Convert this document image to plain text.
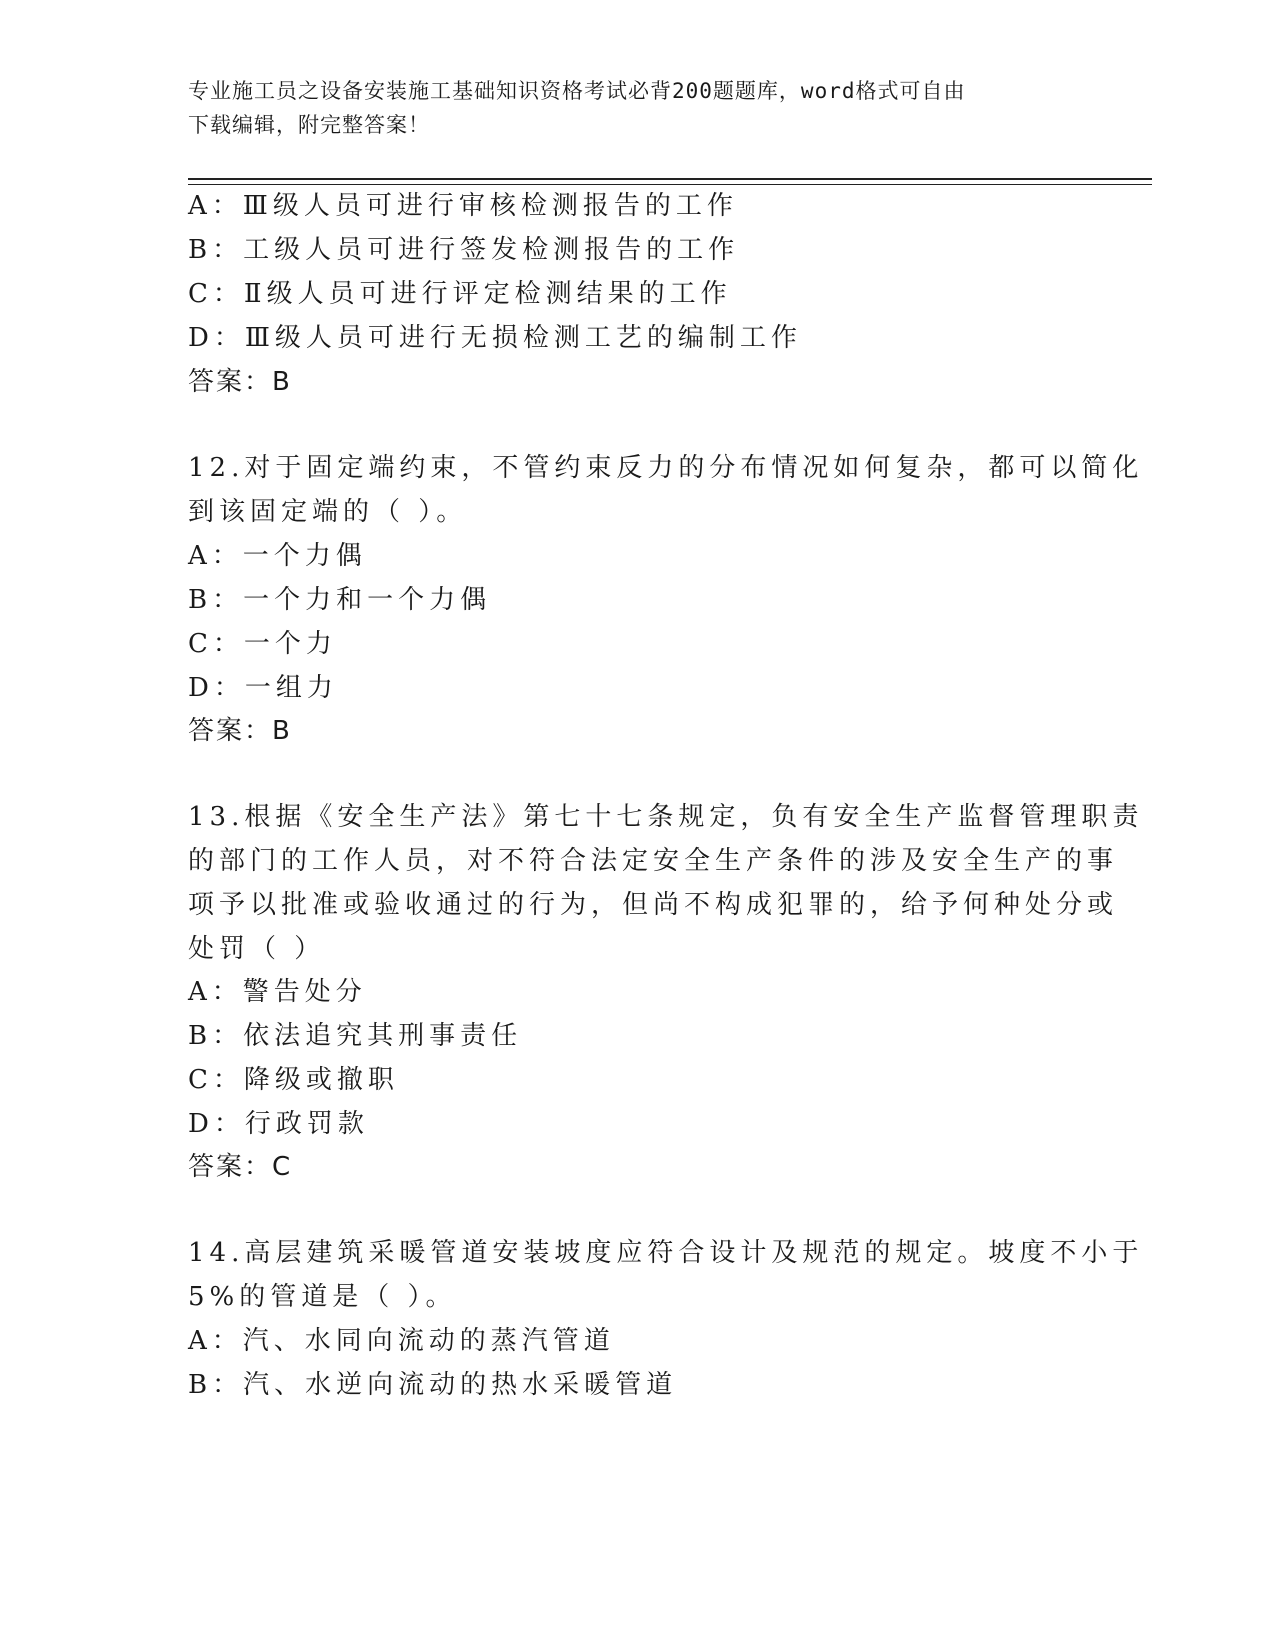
专业施工员之设备安装施工基础知识资格考试必背200题题库，word格式可自由
下载编辑，附完整答案！
A：Ⅲ级人员可进行审核检测报告的工作
B：工级人员可进行签发检测报告的工作
C：Ⅱ级人员可进行评定检测结果的工作
D：Ⅲ级人员可进行无损检测工艺的编制工作
答案：B
12.对于固定端约束，不管约束反力的分布情况如何复杂，都可以简化
到该固定端的（ ）。
A：一个力偶
B：一个力和一个力偶
C：一个力
D：一组力
答案：B
13.根据《安全生产法》第七十七条规定，负有安全生产监督管理职责
的部门的工作人员，对不符合法定安全生产条件的涉及安全生产的事
项予以批准或验收通过的行为，但尚不构成犯罪的，给予何种处分或
处罚（ ）
A：警告处分
B：依法追究其刑事责任
C：降级或撤职
D：行政罚款
答案：C
14.高层建筑采暖管道安装坡度应符合设计及规范的规定。坡度不小于
5%的管道是（ ）。
A：汽、水同向流动的蒸汽管道
B：汽、水逆向流动的热水采暖管道
